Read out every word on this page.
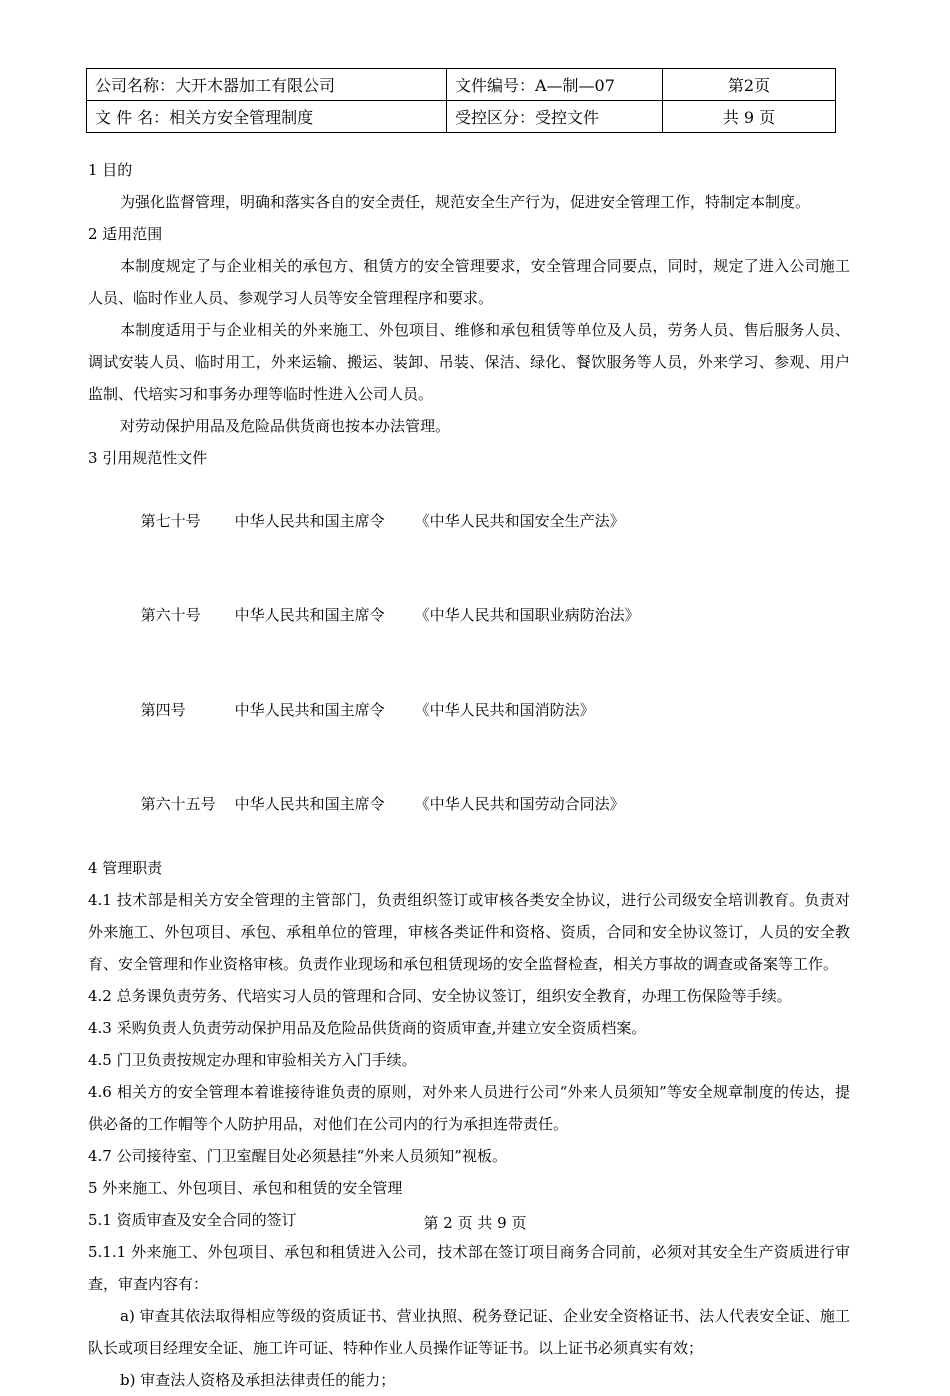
公司名称：大开木器加工有限公司	文件编号：A—制—07	第2页
文 件 名：相关方安全管理制度	受控区分：受控文件	共 9 页

1 目的

为强化监督管理，明确和落实各自的安全责任，规范安全生产行为，促进安全管理工作，特制定本制度。

2 适用范围

本制度规定了与企业相关的承包方、租赁方的安全管理要求，安全管理合同要点，同时，规定了进入公司施工人员、临时作业人员、参观学习人员等安全管理程序和要求。

本制度适用于与企业相关的外来施工、外包项目、维修和承包租赁等单位及人员，劳务人员、售后服务人员、调试安装人员、临时用工，外来运输、搬运、装卸、吊装、保洁、绿化、餐饮服务等人员，外来学习、参观、用户监制、代培实习和事务办理等临时性进入公司人员。

对劳动保护用品及危险品供货商也按本办法管理。

3 引用规范性文件

第七十号 中华人民共和国主席令 《中华人民共和国安全生产法》

第六十号 中华人民共和国主席令 《中华人民共和国职业病防治法》

第四号	中华人民共和国主席令 《中华人民共和国消防法》

第六十五号 中华人民共和国主席令 《中华人民共和国劳动合同法》

4 管理职责

4.1 技术部是相关方安全管理的主管部门，负责组织签订或审核各类安全协议，进行公司级安全培训教育。负责对外来施工、外包项目、承包、承租单位的管理，审核各类证件和资格、资质，合同和安全协议签订，人员的安全教育、安全管理和作业资格审核。负责作业现场和承包租赁现场的安全监督检查，相关方事故的调查或备案等工作。

4.2 总务课负责劳务、代培实习人员的管理和合同、安全协议签订，组织安全教育，办理工伤保险等手续。

4.3 采购负责人负责劳动保护用品及危险品供货商的资质审查,并建立安全资质档案。

4.5 门卫负责按规定办理和审验相关方入门手续。

4.6 相关方的安全管理本着谁接待谁负责的原则，对外来人员进行公司“外来人员须知”等安全规章制度的传达，提供必备的工作帽等个人防护用品，对他们在公司内的行为承担连带责任。

4.7 公司接待室、门卫室醒目处必须悬挂“外来人员须知”视板。

5 外来施工、外包项目、承包和租赁的安全管理

5.1 资质审查及安全合同的签订

5.1.1 外来施工、外包项目、承包和租赁进入公司，技术部在签订项目商务合同前，必须对其安全生产资质进行审查，审查内容有：

a) 审查其依法取得相应等级的资质证书、营业执照、税务登记证、企业安全资格证书、法人代表安全证、施工队长或项目经理安全证、施工许可证、特种作业人员操作证等证书。以上证书必须真实有效；

b) 审查法人资格及承担法律责任的能力；

第 2 页 共 9 页
